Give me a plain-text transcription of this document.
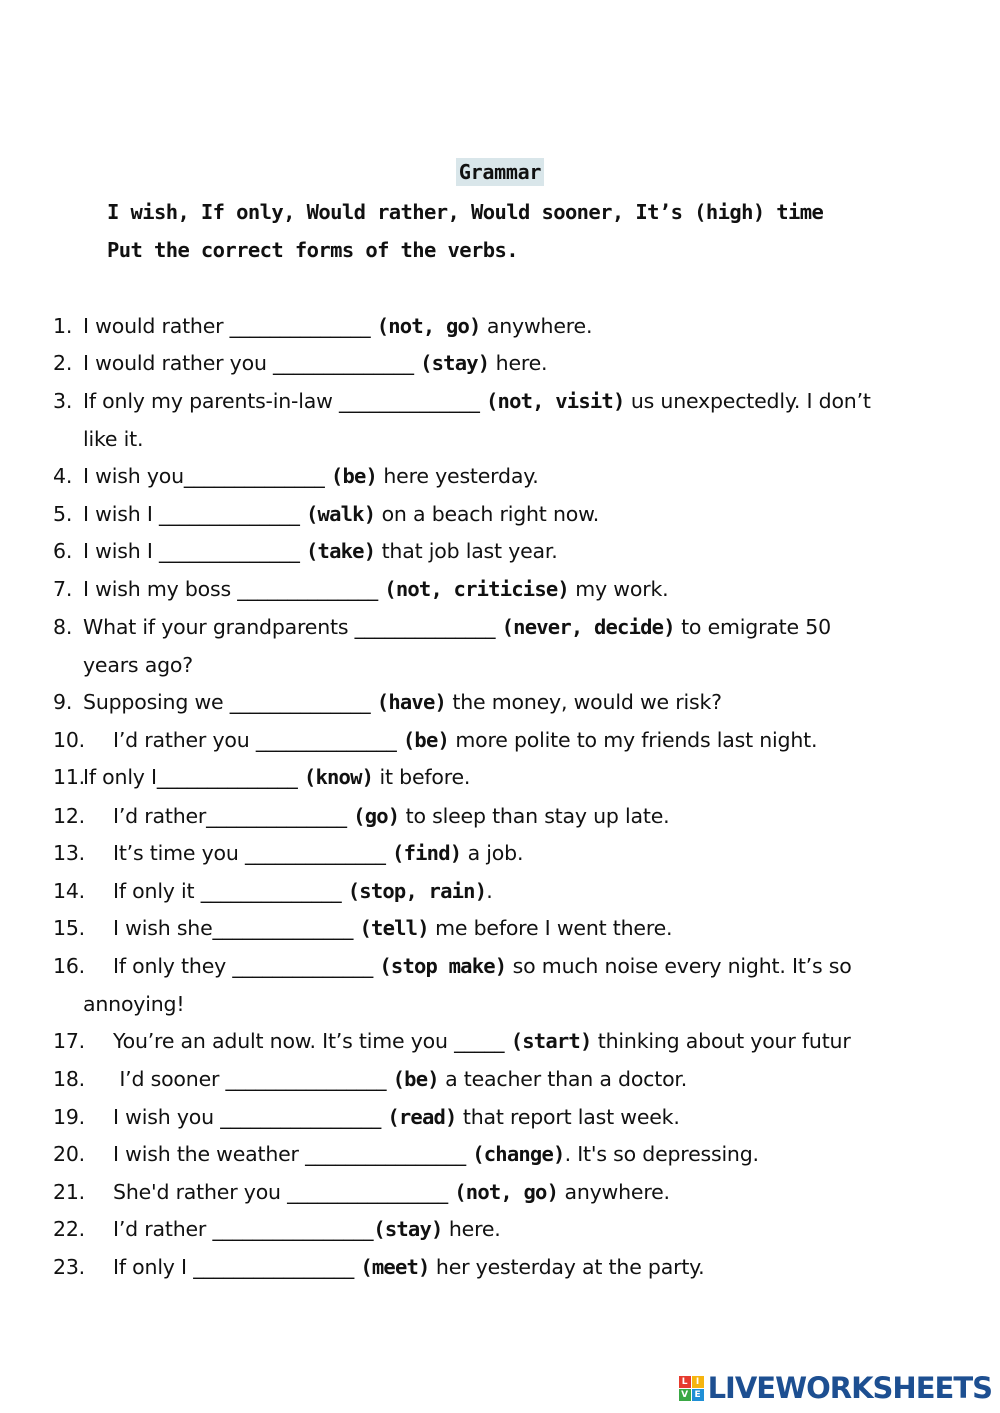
Grammar
I wish, If only, Would rather, Would sooner, It’s (high) time
Put the correct forms of the verbs.
1. I would rather ______________ (not, go) anywhere.
2. I would rather you ______________ (stay) here.
3. If only my parents-in-law ______________ (not, visit) us unexpectedly. I don’t
like it.
4. I wish you______________ (be) here yesterday.
5. I wish I ______________ (walk) on a beach right now.
6. I wish I ______________ (take) that job last year.
7. I wish my boss ______________ (not, criticise) my work.
8. What if your grandparents ______________ (never, decide) to emigrate 50
years ago?
9. Supposing we ______________ (have) the money, would we risk?
10. I’d rather you ______________ (be) more polite to my friends last night.
11.If only I______________ (know) it before.
12. I’d rather______________ (go) to sleep than stay up late.
13. It’s time you ______________ (find) a job.
14. If only it ______________ (stop, rain).
15. I wish she______________ (tell) me before I went there.
16. If only they ______________ (stop make) so much noise every night. It’s so
annoying!
17. You’re an adult now. It’s time you _____ (start) thinking about your futur
18. I’d sooner ________________ (be) a teacher than a doctor.
19. I wish you ________________ (read) that report last week.
20. I wish the weather ________________ (change). It's so depressing.
21. She'd rather you ________________ (not, go) anywhere.
22. I’d rather ________________(stay) here.
23. If only I ________________ (meet) her yesterday at the party.
L I
V E LIVEWORKSHEETS
